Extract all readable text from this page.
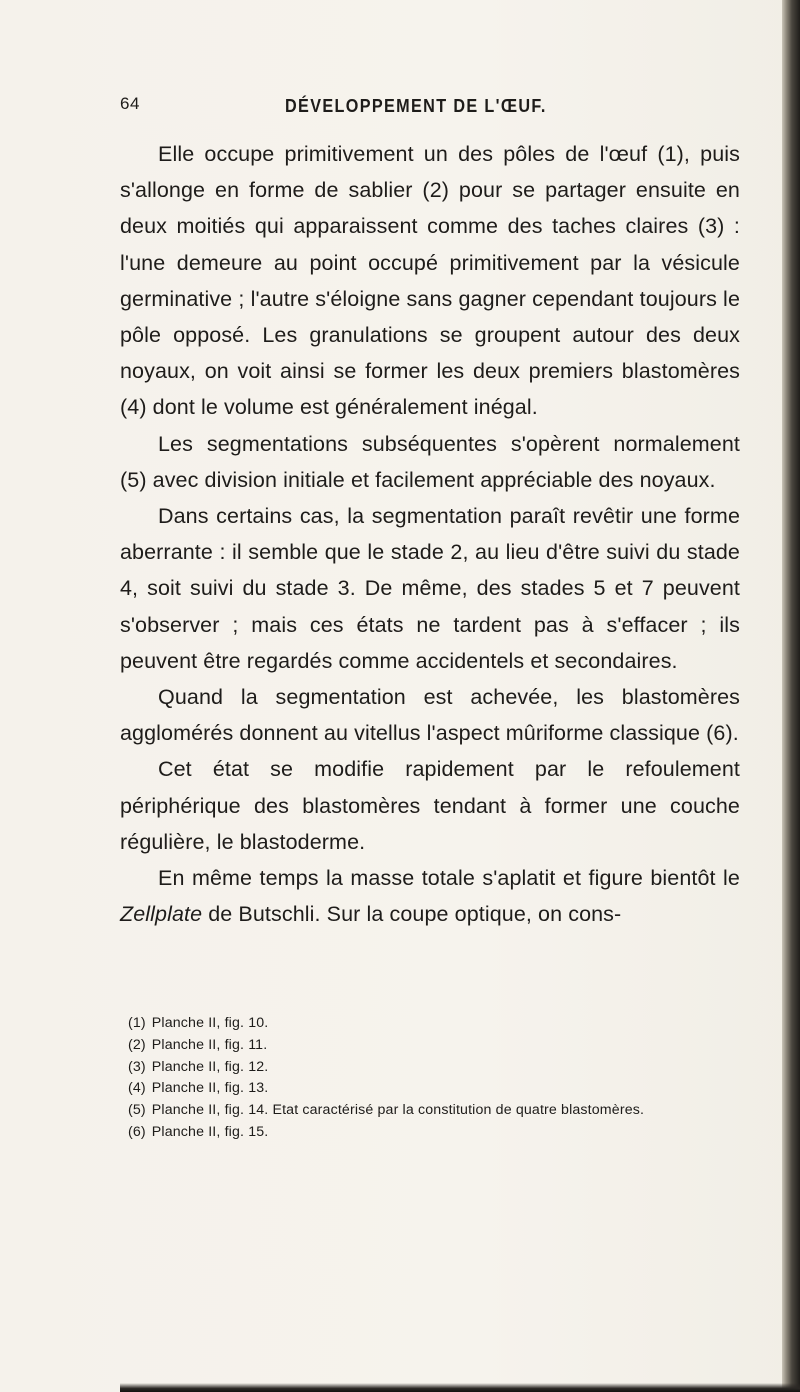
64	DÉVELOPPEMENT DE L'ŒUF.

Elle occupe primitivement un des pôles de l'œuf (1), puis s'allonge en forme de sablier (2) pour se partager ensuite en deux moitiés qui apparaissent comme des taches claires (3) : l'une demeure au point occupé primitivement par la vésicule germinative ; l'autre s'éloigne sans gagner cependant toujours le pôle opposé. Les granulations se groupent autour des deux noyaux, on voit ainsi se former les deux premiers blastomères (4) dont le volume est généralement inégal.

Les segmentations subséquentes s'opèrent normalement (5) avec division initiale et facilement appréciable des noyaux.

Dans certains cas, la segmentation paraît revêtir une forme aberrante : il semble que le stade 2, au lieu d'être suivi du stade 4, soit suivi du stade 3. De même, des stades 5 et 7 peuvent s'observer ; mais ces états ne tardent pas à s'effacer ; ils peuvent être regardés comme accidentels et secondaires.

Quand la segmentation est achevée, les blastomères agglomérés donnent au vitellus l'aspect mûriforme classique (6).

Cet état se modifie rapidement par le refoulement périphérique des blastomères tendant à former une couche régulière, le blastoderme.

En même temps la masse totale s'aplatit et figure bientôt le Zellplate de Butschli. Sur la coupe optique, on cons-

(1) Planche II, fig. 10.

(2) Planche II, fig. 11.

(3) Planche II, fig. 12.

(4) Planche II, fig. 13.

(5) Planche II, fig. 14. Etat caractérisé par la constitution de quatre blastomères.

(6) Planche II, fig. 15.
